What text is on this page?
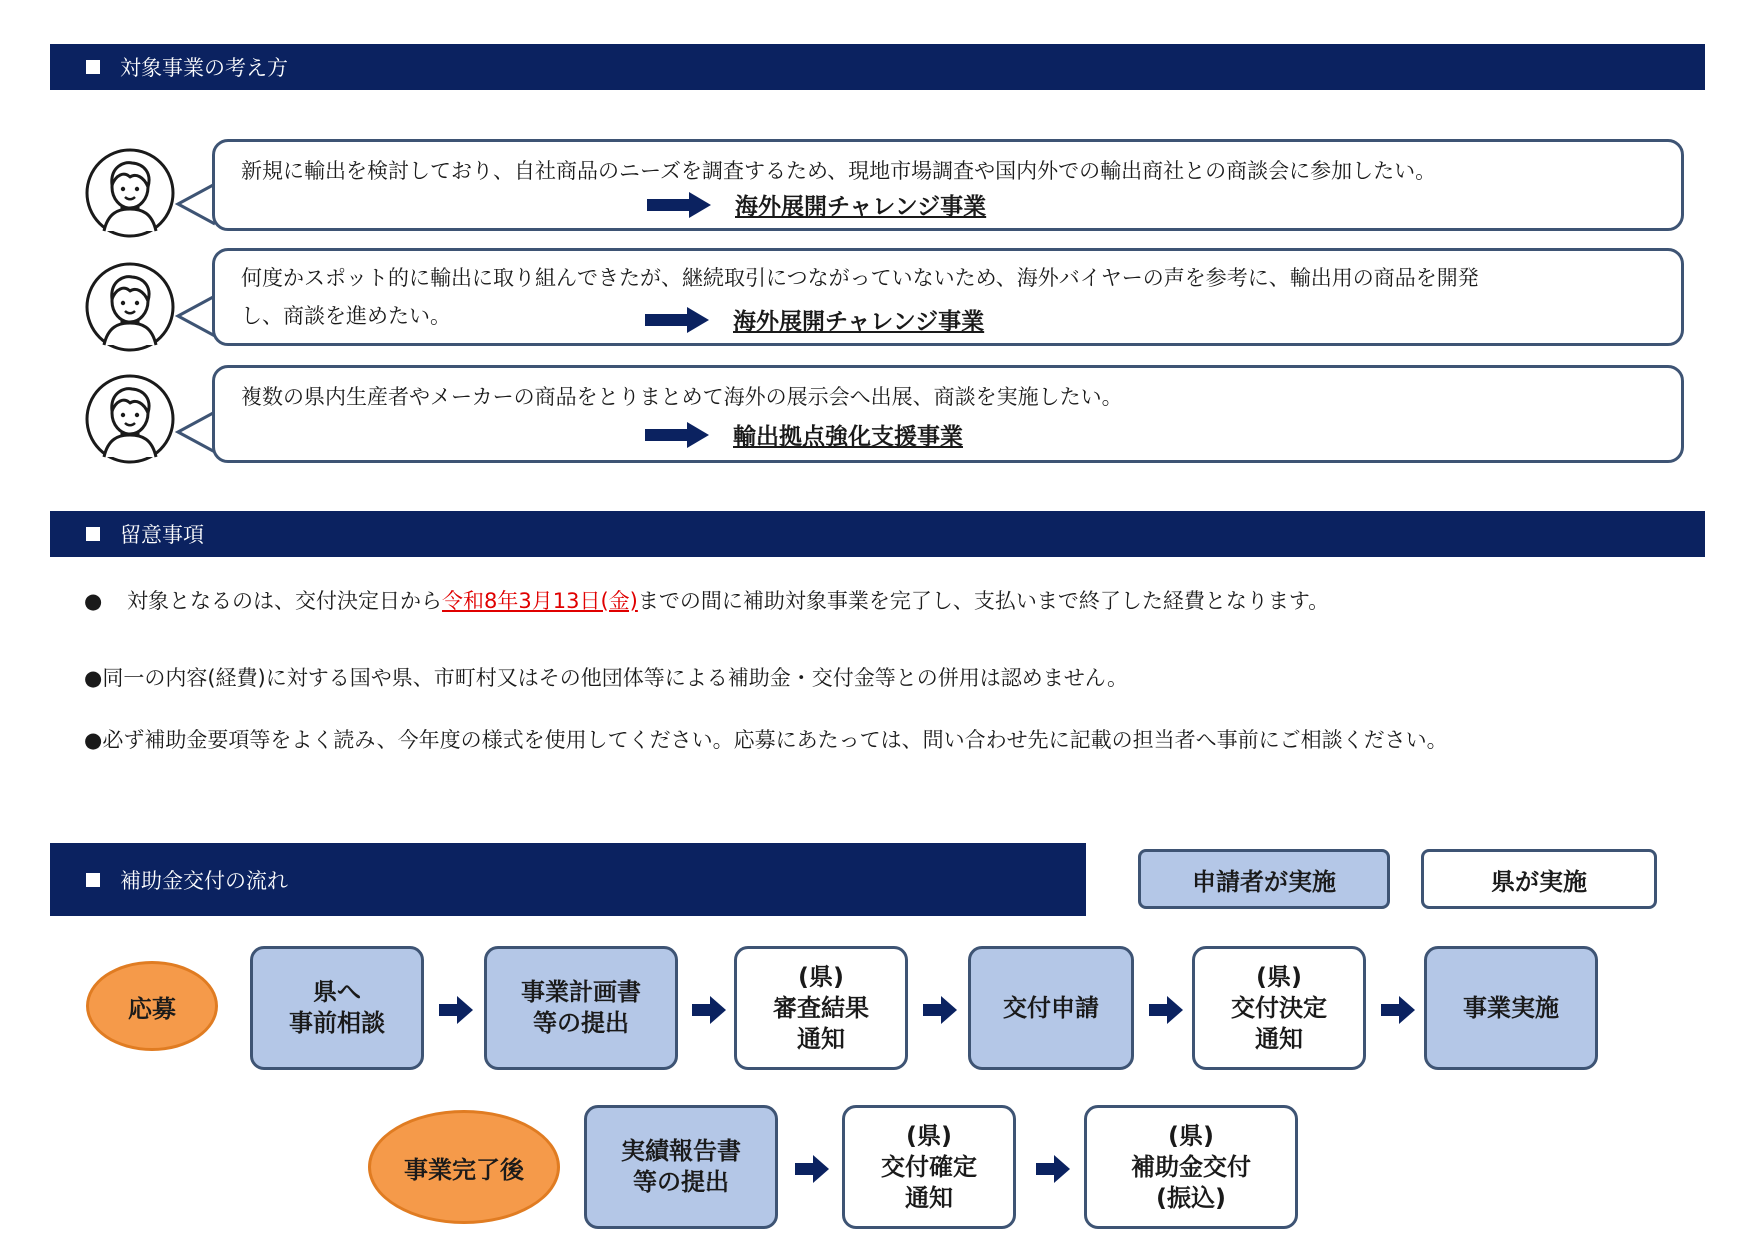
対象事業の考え方
新規に輸出を検討しており、自社商品のニーズを調査するため、現地市場調査や国内外での輸出商社との商談会に参加したい。
海外展開チャレンジ事業
何度かスポット的に輸出に取り組んできたが、継続取引につながっていないため、海外バイヤーの声を参考に、輸出用の商品を開発
し、商談を進めたい。	海外展開チャレンジ事業
複数の県内生産者やメーカーの商品をとりまとめて海外の展示会へ出展、商談を実施したい。
輸出拠点強化支援事業
留意事項
● 対象となるのは、交付決定日から令和8年3月13日(金)までの間に補助対象事業を完了し、支払いまで終了した経費となります。
●同一の内容(経費)に対する国や県、市町村又はその他団体等による補助金・交付金等との併用は認めません。
●必ず補助金要項等をよく読み、今年度の様式を使用してください。応募にあたっては、問い合わせ先に記載の担当者へ事前にご相談ください。
補助金交付の流れ	申請者が実施	県が実施
応募
県へ
事前相談
事業計画書
等の提出
(県)
審査結果
通知
交付申請
(県)
交付決定
通知
事業実施
事業完了後
実績報告書
等の提出
(県)
交付確定
通知
(県)
補助金交付
(振込)
